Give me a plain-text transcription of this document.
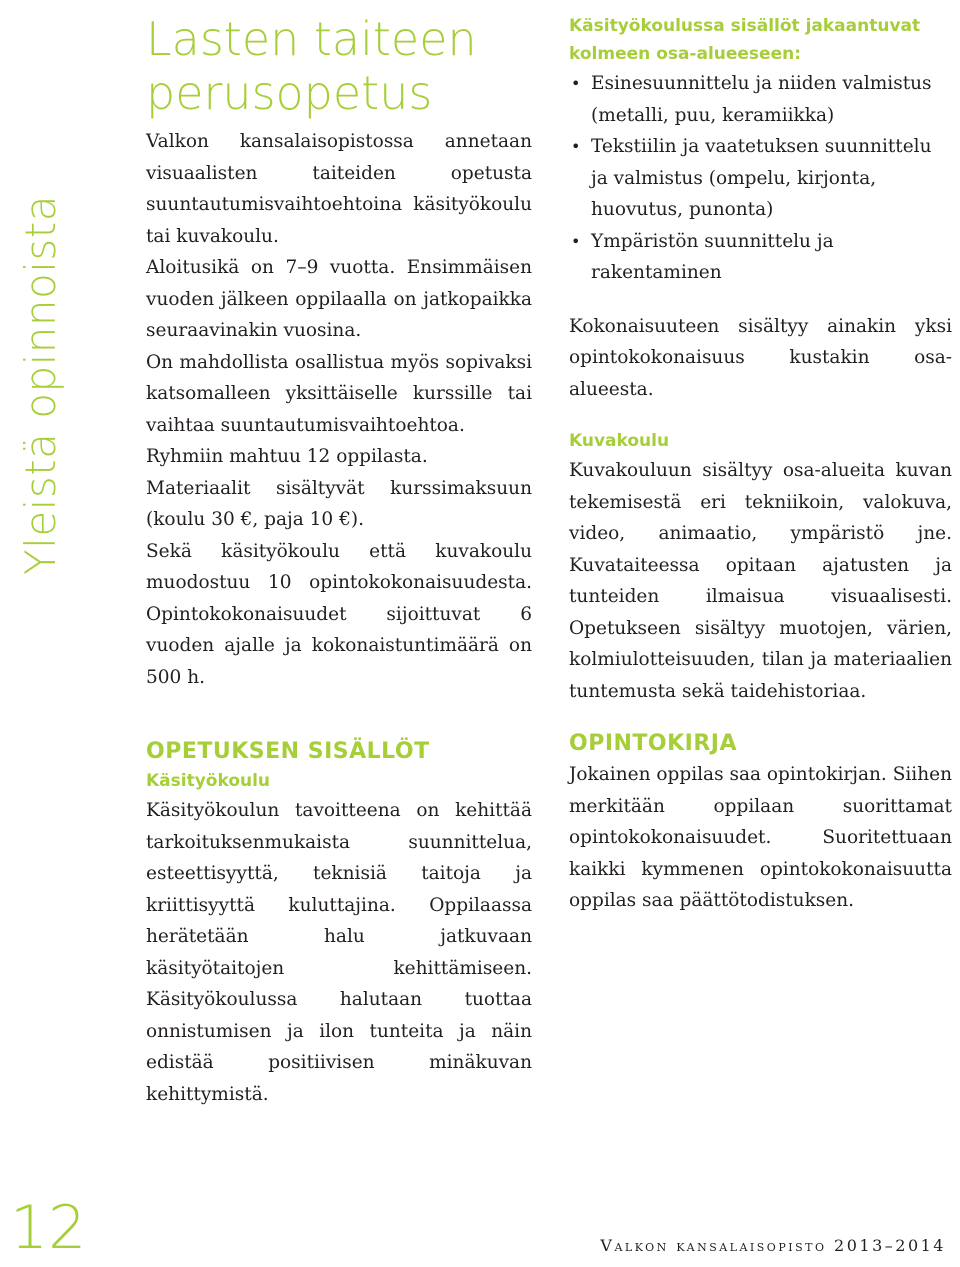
Yleistä opinnoista
12	Valkon kansalaisopisto 2013–2014
Lasten taiteen perusopetus

Valkon kansalaisopistossa annetaan visuaalisten taiteiden opetusta suuntautumisvaihtoehtoina käsityökoulu tai kuvakoulu.

Aloitusikä on 7–9 vuotta. Ensimmäisen vuoden jälkeen oppilaalla on jatkopaikka seuraavinakin vuosina.

On mahdollista osallistua myös sopivaksi katsomalleen yksittäiselle kurssille tai vaihtaa suuntautumisvaihtoehtoa.

Ryhmiin mahtuu 12 oppilasta.

Materiaalit sisältyvät kurssimaksuun (koulu 30 €, paja 10 €).

Sekä käsityökoulu että kuvakoulu muodostuu 10 opintokokonaisuudesta. Opintokokonaisuudet sijoittuvat 6 vuoden ajalle ja kokonaistuntimäärä on 500 h.

OPETUKSEN SISÄLLÖT
Käsityökoulu

Käsityökoulun tavoitteena on kehittää tarkoituksenmukaista suunnittelua, esteettisyyttä, teknisiä taitoja ja kriittisyyttä kuluttajina. Oppilaassa herätetään halu jatkuvaan käsityötaitojen kehittämiseen. Käsityökoulussa halutaan tuottaa onnistumisen ja ilon tunteita ja näin edistää positiivisen minäkuvan kehittymistä.

Käsityökoulussa sisällöt jakaantuvat kolmeen osa-alueeseen:
• Esinesuunnittelu ja niiden valmistus (metalli, puu, keramiikka)
• Tekstiilin ja vaatetuksen suunnittelu ja valmistus (ompelu, kirjonta, huovutus, punonta)
• Ympäristön suunnittelu ja rakentaminen

Kokonaisuuteen sisältyy ainakin yksi opintokokonaisuus kustakin osa-alueesta.

Kuvakoulu

Kuvakouluun sisältyy osa-alueita kuvan tekemisestä eri tekniikoin, valokuva, video, animaatio, ympäristö jne. Kuvataiteessa opitaan ajatusten ja tunteiden ilmaisua visuaalisesti. Opetukseen sisältyy muotojen, värien, kolmiulotteisuuden, tilan ja materiaalien tuntemusta sekä taidehistoriaa.

OPINTOKIRJA

Jokainen oppilas saa opintokirjan. Siihen merkitään oppilaan suorittamat opintokokonaisuudet. Suoritettuaan kaikki kymmenen opintokokonaisuutta oppilas saa päättötodistuksen.
